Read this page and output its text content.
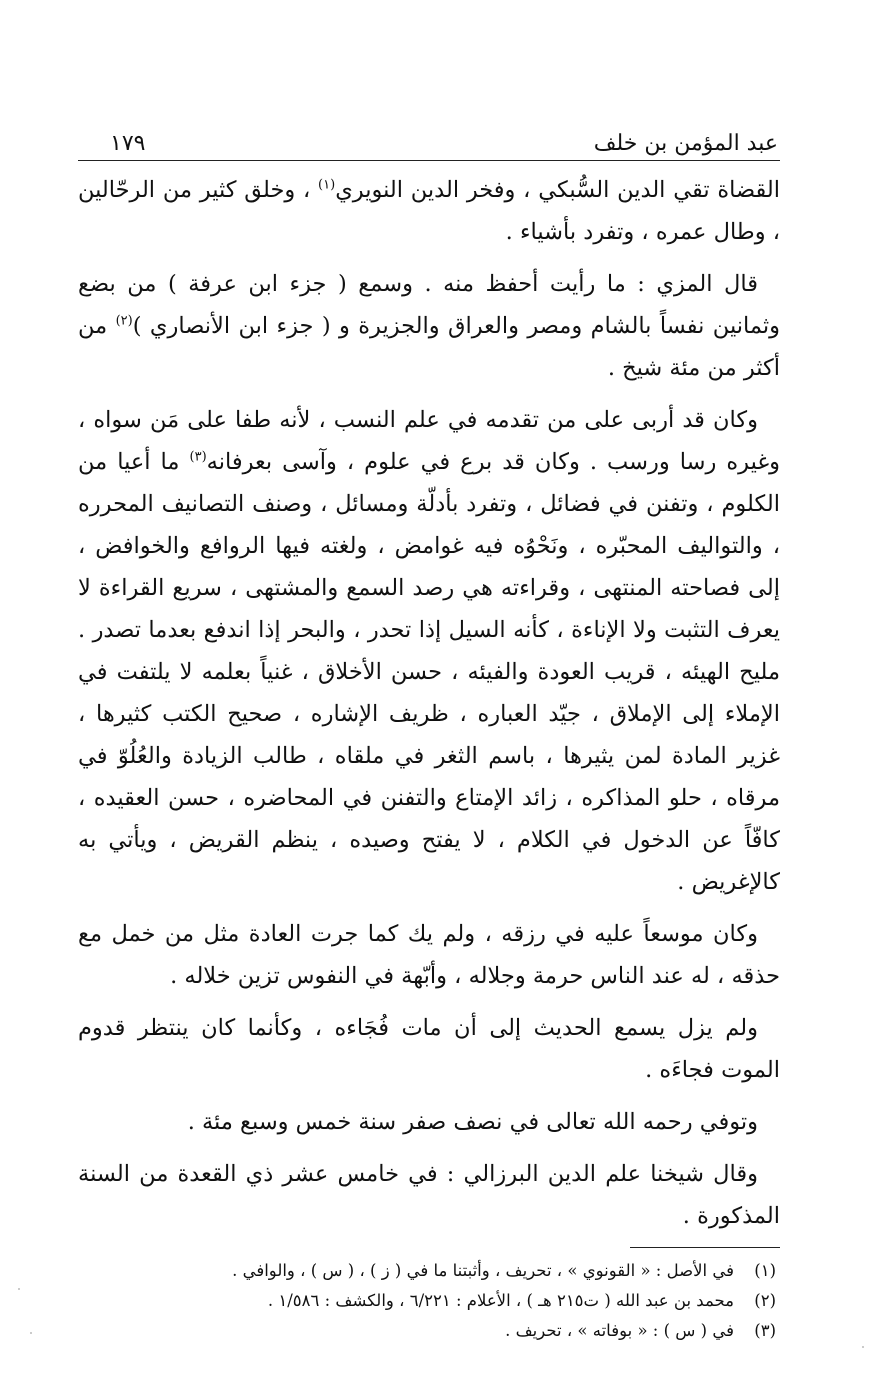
عبد المؤمن بن خلف
١٧٩

القضاة تقي الدين السُّبكي ، وفخر الدين النويري$^{(١)}$ ، وخلق كثير من الرحّالين ، وطال عمره ، وتفرد بأشياء .

قال المزي : ما رأيت أحفظ منه . وسمع ( جزء ابن عرفة ) من بضع وثمانين نفساً بالشام ومصر والعراق والجزيرة و ( جزء ابن الأنصاري )$^{(٢)}$ من أكثر من مئة شيخ .

وكان قد أربى على من تقدمه في علم النسب ، لأنه طفا على مَن سواه ، وغيره رسا ورسب . وكان قد برع في علوم ، وآسى بعرفانه$^{(٣)}$ ما أعيا من الكلوم ، وتفنن في فضائل ، وتفرد بأدلّة ومسائل ، وصنف التصانيف المحرره ، والتواليف المحبّره ، ونَحْوُه فيه غوامض ، ولغته فيها الروافع والخوافض ، إلى فصاحته المنتهى ، وقراءته هي رصد السمع والمشتهى ، سريع القراءة لا يعرف التثبت ولا الإناءة ، كأنه السيل إذا تحدر ، والبحر إذا اندفع بعدما تصدر . مليح الهيئه ، قريب العودة والفيئه ، حسن الأخلاق ، غنياً بعلمه لا يلتفت في الإملاء إلى الإملاق ، جيّد العباره ، ظريف الإشاره ، صحيح الكتب كثيرها ، غزير المادة لمن يثيرها ، باسم الثغر في ملقاه ، طالب الزيادة والعُلُوّ في مرقاه ، حلو المذاكره ، زائد الإمتاع والتفنن في المحاضره ، حسن العقيده ، كافّاً عن الدخول في الكلام ، لا يفتح وصيده ، ينظم القريض ، ويأتي به كالإغريض .

وكان موسعاً عليه في رزقه ، ولم يك كما جرت العادة مثل من خمل مع حذقه ، له عند الناس حرمة وجلاله ، وأبّهة في النفوس تزين خلاله .

ولم يزل يسمع الحديث إلى أن مات فُجَاءه ، وكأنما كان ينتظر قدوم الموت فجاءَه .

وتوفي رحمه الله تعالى في نصف صفر سنة خمس وسبع مئة .

وقال شيخنا علم الدين البرزالي : في خامس عشر ذي القعدة من السنة المذكورة .

(١)
في الأصل : « القونوي » ، تحريف ، وأثبتنا ما في ( ز ) ، ( س ) ، والوافي .
(٢)
محمد بن عبد الله ( ت٢١٥ هـ ) ، الأعلام : ٦/٢٢١ ، والكشف : ١/٥٨٦ .
(٣)
في ( س ) : « بوفاته » ، تحريف .
